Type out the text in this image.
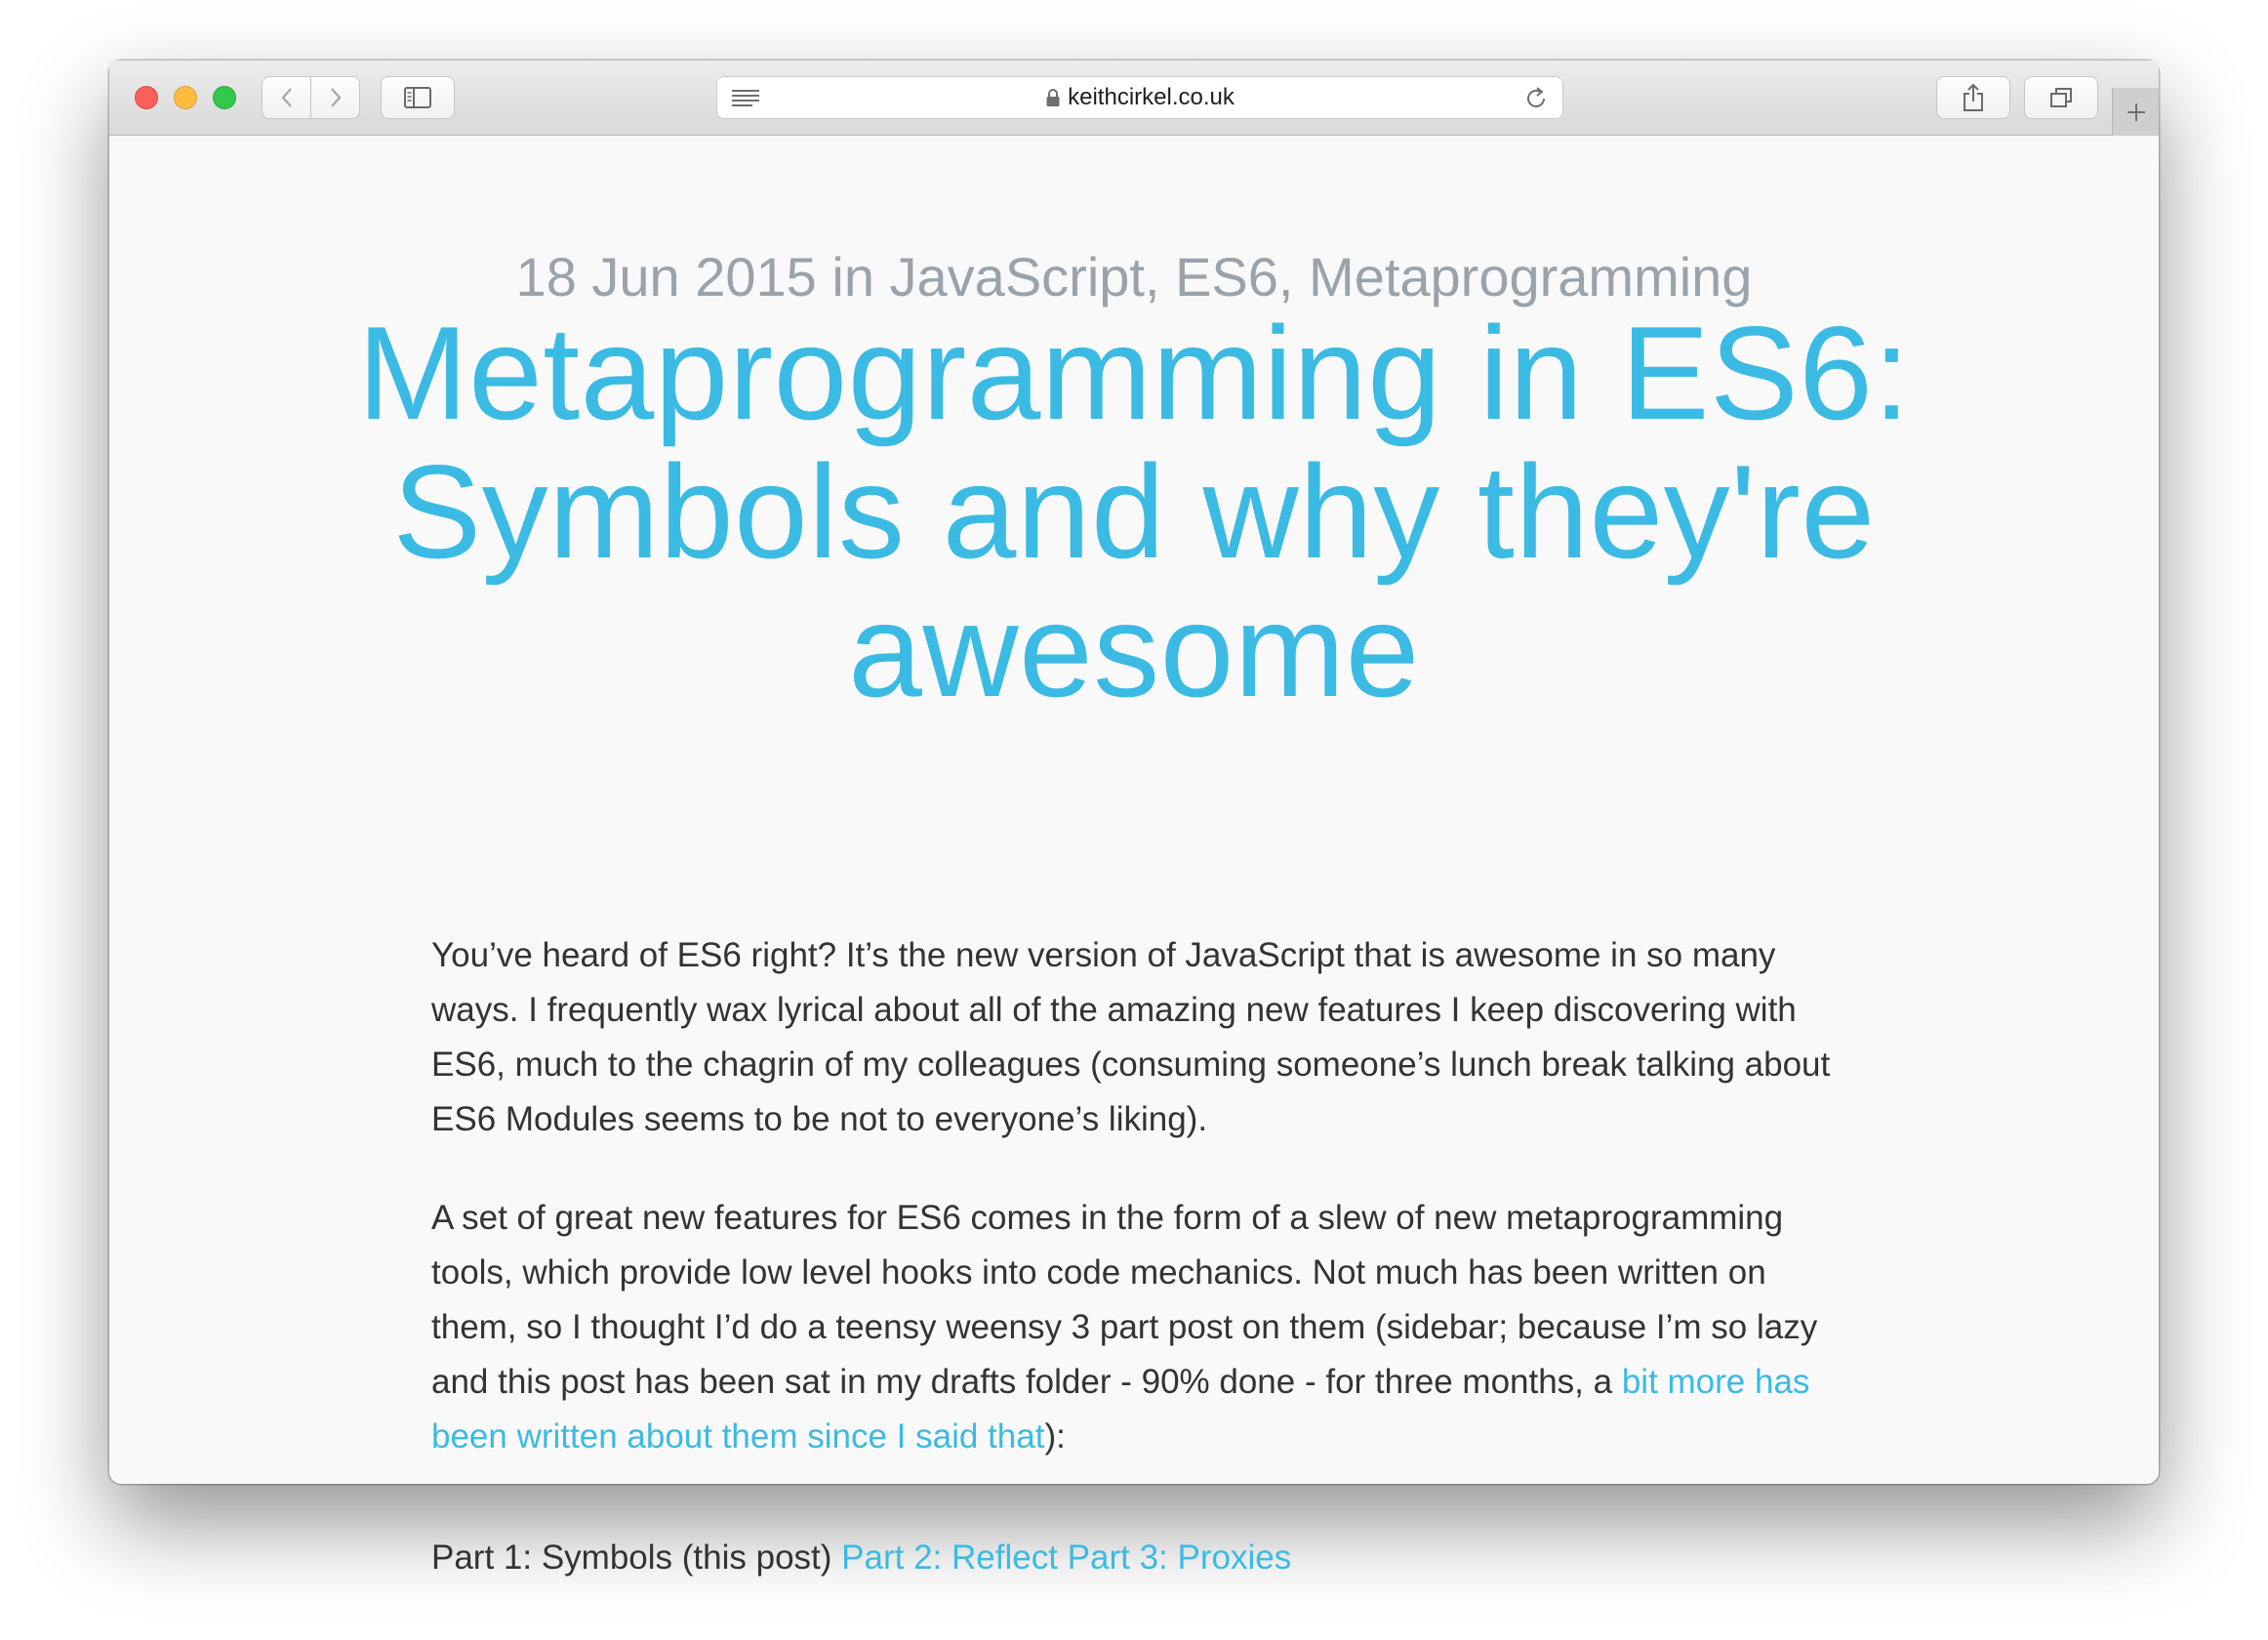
keithcirkel.co.uk
18 Jun 2015 in JavaScript, ES6, Metaprogramming
Metaprogramming in ES6: Symbols and why they're awesome

You’ve heard of ES6 right? It’s the new version of JavaScript that is awesome in so many ways. I frequently wax lyrical about all of the amazing new features I keep discovering with ES6, much to the chagrin of my colleagues (consuming someone’s lunch break talking about ES6 Modules seems to be not to everyone’s liking).

A set of great new features for ES6 comes in the form of a slew of new metaprogramming tools, which provide low level hooks into code mechanics. Not much has been written on them, so I thought I’d do a teensy weensy 3 part post on them (sidebar; because I’m so lazy and this post has been sat in my drafts folder - 90% done - for three months, a bit more has been written about them since I said that):

Part 1: Symbols (this post) Part 2: Reflect Part 3: Proxies
